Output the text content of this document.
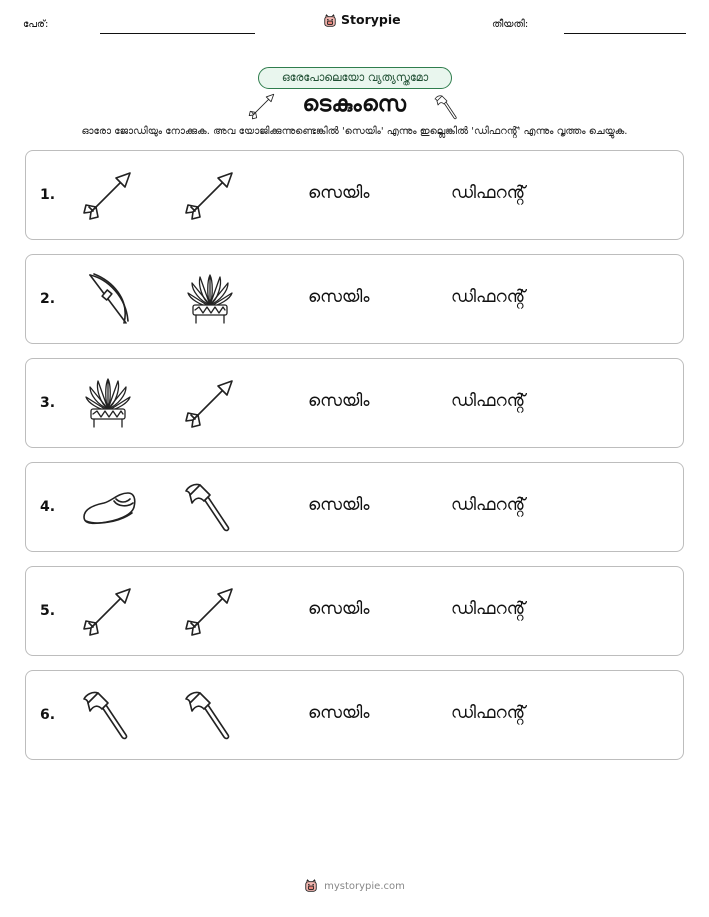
പേര്:	Storypie	തീയതി:
ഒരേപോലെയോ വ്യത്യസ്തമോ
ടെകുംസെ
ഓരോ ജോഡിയും നോക്കുക. അവ യോജിക്കുന്നുണ്ടെങ്കിൽ 'സെയിം' എന്നും ഇല്ലെങ്കിൽ 'ഡിഫറൻ്റ്' എന്നും വൃത്തം ചെയ്യുക.
1.	സെയിം	ഡിഫറൻ്റ്
2.	സെയിം	ഡിഫറൻ്റ്
3.	സെയിം	ഡിഫറൻ്റ്
4.	സെയിം	ഡിഫറൻ്റ്
5.	സെയിം	ഡിഫറൻ്റ്
6.	സെയിം	ഡിഫറൻ്റ്
mystorypie.com
